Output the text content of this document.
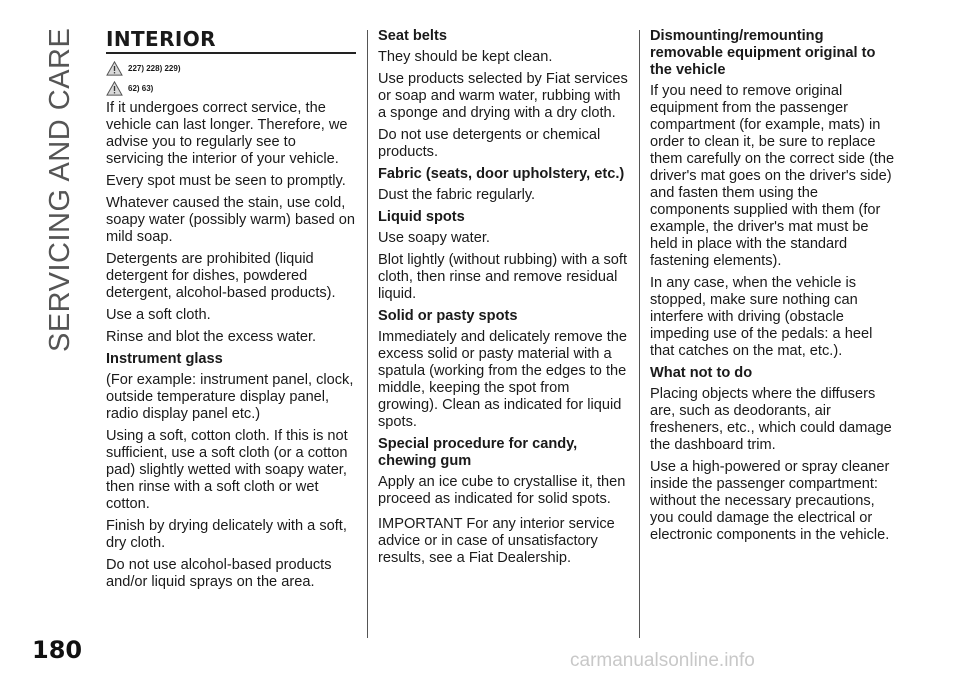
SERVICING AND CARE INTERIOR
227) 228) 229)
62) 63)

If it undergoes correct service, the vehicle can last longer. Therefore, we advise you to regularly see to servicing the interior of your vehicle.

Every spot must be seen to promptly.

Whatever caused the stain, use cold, soapy water (possibly warm) based on mild soap.

Detergents are prohibited (liquid detergent for dishes, powdered detergent, alcohol-based products).

Use a soft cloth.

Rinse and blot the excess water.

Instrument glass

(For example: instrument panel, clock, outside temperature display panel, radio display panel etc.)

Using a soft, cotton cloth. If this is not sufficient, use a soft cloth (or a cotton pad) slightly wetted with soapy water, then rinse with a soft cloth or wet cotton.

Finish by drying delicately with a soft, dry cloth.

Do not use alcohol-based products and/or liquid sprays on the area.

Seat belts

They should be kept clean.

Use products selected by Fiat services or soap and warm water, rubbing with a sponge and drying with a dry cloth.

Do not use detergents or chemical products.

Fabric (seats, door upholstery, etc.)

Dust the fabric regularly.

Liquid spots

Use soapy water.

Blot lightly (without rubbing) with a soft cloth, then rinse and remove residual liquid.

Solid or pasty spots

Immediately and delicately remove the excess solid or pasty material with a spatula (working from the edges to the middle, keeping the spot from growing). Clean as indicated for liquid spots.

Special procedure for candy, chewing gum

Apply an ice cube to crystallise it, then proceed as indicated for solid spots.

IMPORTANT For any interior service advice or in case of unsatisfactory results, see a Fiat Dealership.

Dismounting/remounting removable equipment original to the vehicle

If you need to remove original equipment from the passenger compartment (for example, mats) in order to clean it, be sure to replace them carefully on the correct side (the driver's mat goes on the driver's side) and fasten them using the components supplied with them (for example, the driver's mat must be held in place with the standard fastening elements).

In any case, when the vehicle is stopped, make sure nothing can interfere with driving (obstacle impeding use of the pedals: a heel that catches on the mat, etc.).

What not to do

Placing objects where the diffusers are, such as deodorants, air fresheners, etc., which could damage the dashboard trim.

Use a high-powered or spray cleaner inside the passenger compartment: without the necessary precautions, you could damage the electrical or electronic components in the vehicle.

180	carmanualsonline.info
